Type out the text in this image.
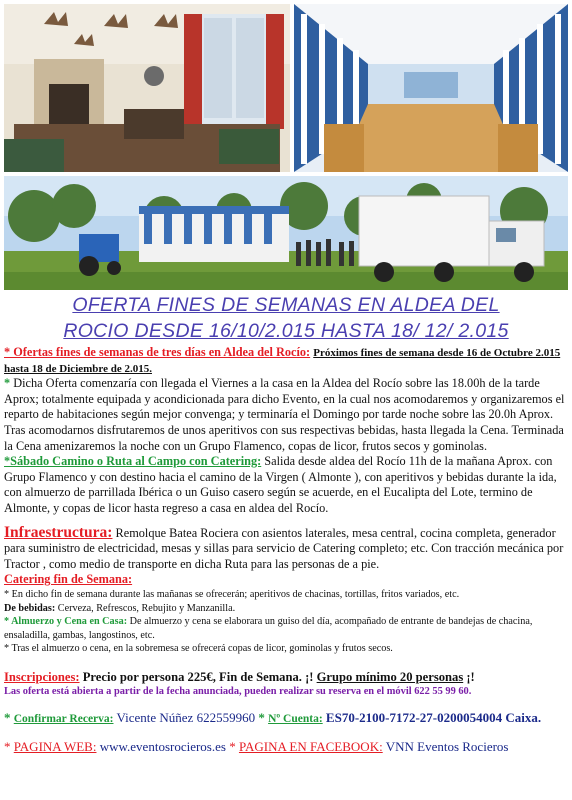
OFERTA FINES DE SEMANAS EN ALDEA DEL
ROCIO DESDE 16/10/2.015 HASTA 18/ 12/ 2.015

* Ofertas fines de semanas de tres días en Aldea del Rocío: Próximos fines de semana desde 16 de Octubre 2.015 hasta 18 de Diciembre de 2.015.

* Dicha Oferta comenzaría con llegada el Viernes a la casa en la Aldea del Rocío sobre las 18.00h de la tarde Aprox; totalmente equipada y acondicionada para dicho Evento, en la cual nos acomodaremos y organizaremos el reparto de habitaciones según mejor convenga; y terminaría el Domingo por tarde noche sobre las 20.0h Aprox. Tras acomodarnos disfrutaremos de unos aperitivos con sus respectivas bebidas, hasta llegada la Cena. Terminada la Cena amenizaremos la noche con un Grupo Flamenco, copas de licor, frutos secos y gominolas.

*Sábado Camino o Ruta al Campo con Catering: Salida desde aldea del Rocío 11h de la mañana Aprox. con Grupo Flamenco y con destino hacia el camino de la Virgen ( Almonte ), con aperitivos y bebidas durante la ida, con almuerzo de parrillada Ibérica o un Guiso casero según se acuerde, en el Eucalipta del Lote, termino de Almonte, y copas de licor hasta regreso a casa en aldea del Rocío.

Infraestructura: Remolque Batea Rociera con asientos laterales, mesa central, cocina completa, generador para suministro de electricidad, mesas y sillas para servicio de Catering completo; etc. Con tracción mecánica por Tractor , como medio de transporte en dicha Ruta para las personas de a pie.

Catering fin de Semana:

* En dicho fin de semana durante las mañanas se ofrecerán; aperitivos de chacinas, tortillas, fritos variados, etc.

De bebidas: Cerveza, Refrescos, Rebujito y Manzanilla.

* Almuerzo y Cena en Casa: De almuerzo y cena se elaborara un guiso del día, acompañado de entrante de bandejas de chacina, ensaladilla, gambas, langostinos, etc.

* Tras el almuerzo o cena, en la sobremesa se ofrecerá copas de licor, gominolas y frutos secos.

Inscripciones: Precio por persona 225€, Fin de Semana. ¡! Grupo mínimo 20 personas ¡!

Las oferta está abierta a partir de la fecha anunciada, pueden realizar su reserva en el móvil 622 55 99 60.

* Confirmar Recerva: Vicente Núñez 622559960 * Nº Cuenta: ES70-2100-7172-27-0200054004 Caixa.

* PAGINA WEB: www.eventosrocieros.es * PAGINA EN FACEBOOK: VNN Eventos Rocieros
